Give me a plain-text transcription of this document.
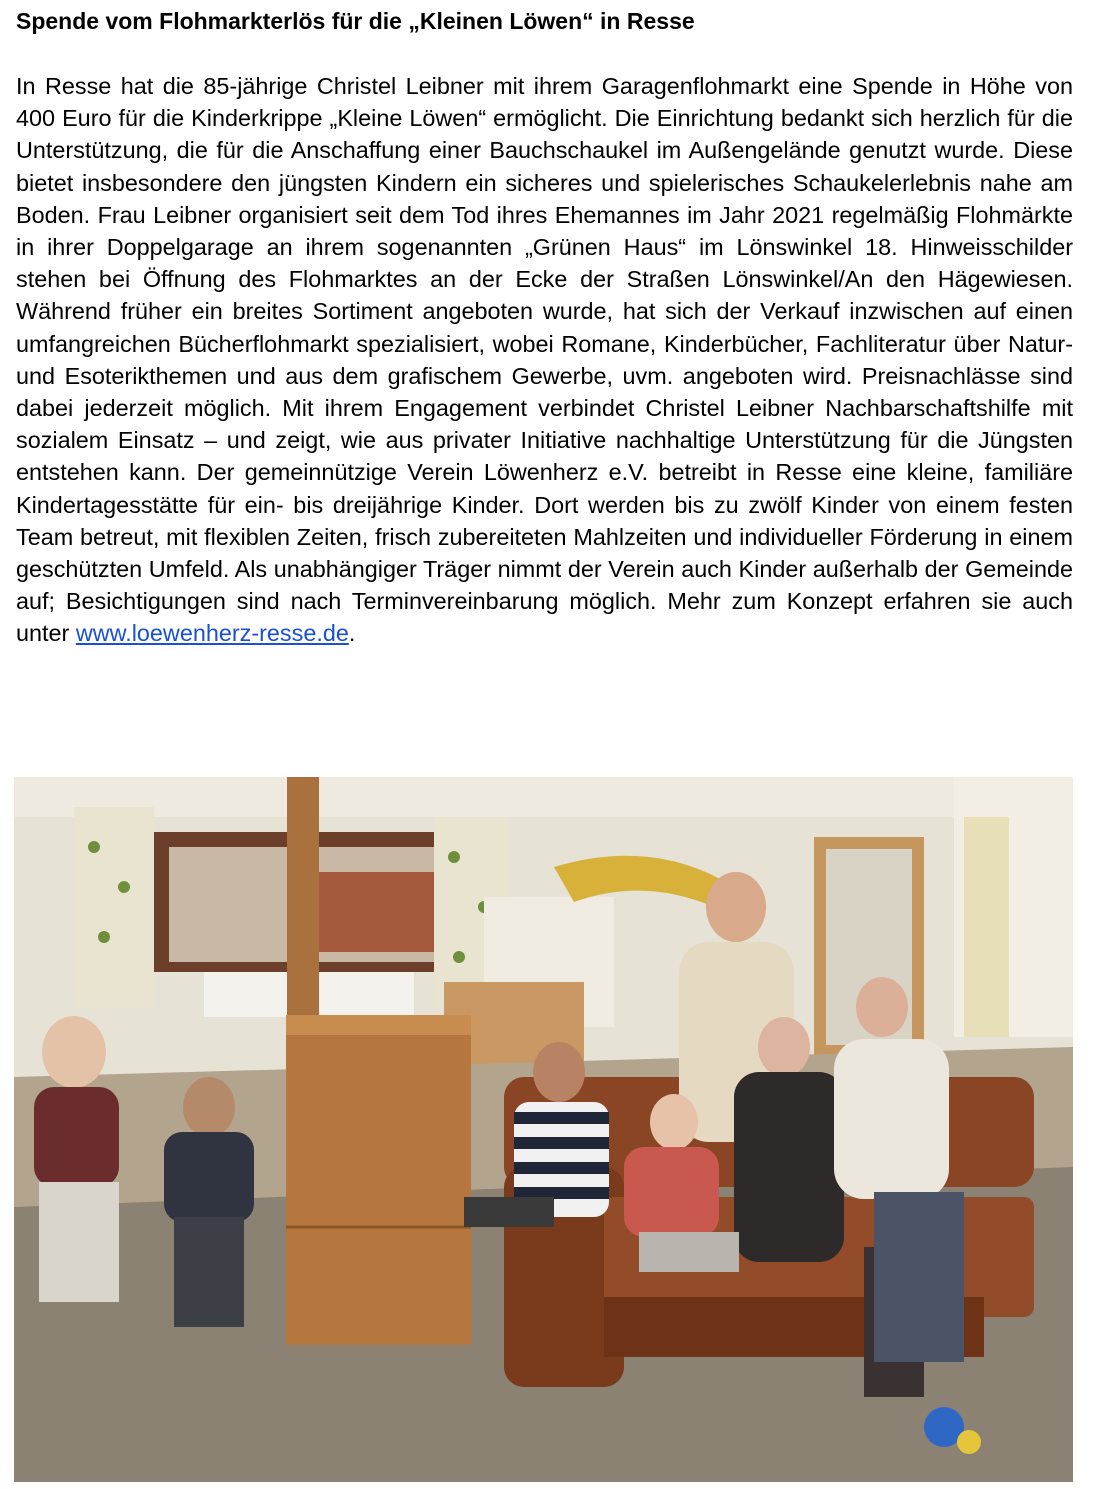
Spende vom Flohmarkterlös für die „Kleinen Löwen“ in Resse
In Resse hat die 85-jährige Christel Leibner mit ihrem Garagenflohmarkt eine Spende in Höhe von 400 Euro für die Kinderkrippe „Kleine Löwen“ ermöglicht. Die Einrichtung bedankt sich herzlich für die Unterstützung, die für die Anschaffung einer Bauchschaukel im Außengelände genutzt wurde. Diese bietet insbesondere den jüngsten Kindern ein sicheres und spielerisches Schaukelerlebnis nahe am Boden. Frau Leibner organisiert seit dem Tod ihres Ehemannes im Jahr 2021 regelmäßig Flohmärkte in ihrer Doppelgarage an ihrem sogenannten „Grünen Haus“ im Lönswinkel 18. Hinweisschilder stehen bei Öffnung des Flohmarktes an der Ecke der Straßen Lönswinkel/An den Hägewiesen. Während früher ein breites Sortiment angeboten wurde, hat sich der Verkauf inzwischen auf einen umfangreichen Bücherflohmarkt spezialisiert, wobei Romane, Kinderbücher, Fachliteratur über Natur- und Esoterikthemen und aus dem grafischem Gewerbe, uvm. angeboten wird. Preisnachlässe sind dabei jederzeit möglich. Mit ihrem Engagement verbindet Christel Leibner Nachbarschaftshilfe mit sozialem Einsatz – und zeigt, wie aus privater Initiative nachhaltige Unterstützung für die Jüngsten entstehen kann. Der gemeinnützige Verein Löwenherz e.V. betreibt in Resse eine kleine, familiäre Kindertagesstätte für ein- bis dreijährige Kinder. Dort werden bis zu zwölf Kinder von einem festen Team betreut, mit flexiblen Zeiten, frisch zubereiteten Mahlzeiten und individueller Förderung in einem geschützten Umfeld. Als unabhängiger Träger nimmt der Verein auch Kinder außerhalb der Gemeinde auf; Besichtigungen sind nach Terminvereinbarung möglich. Mehr zum Konzept erfahren sie auch unter www.loewenherz-resse.de.
